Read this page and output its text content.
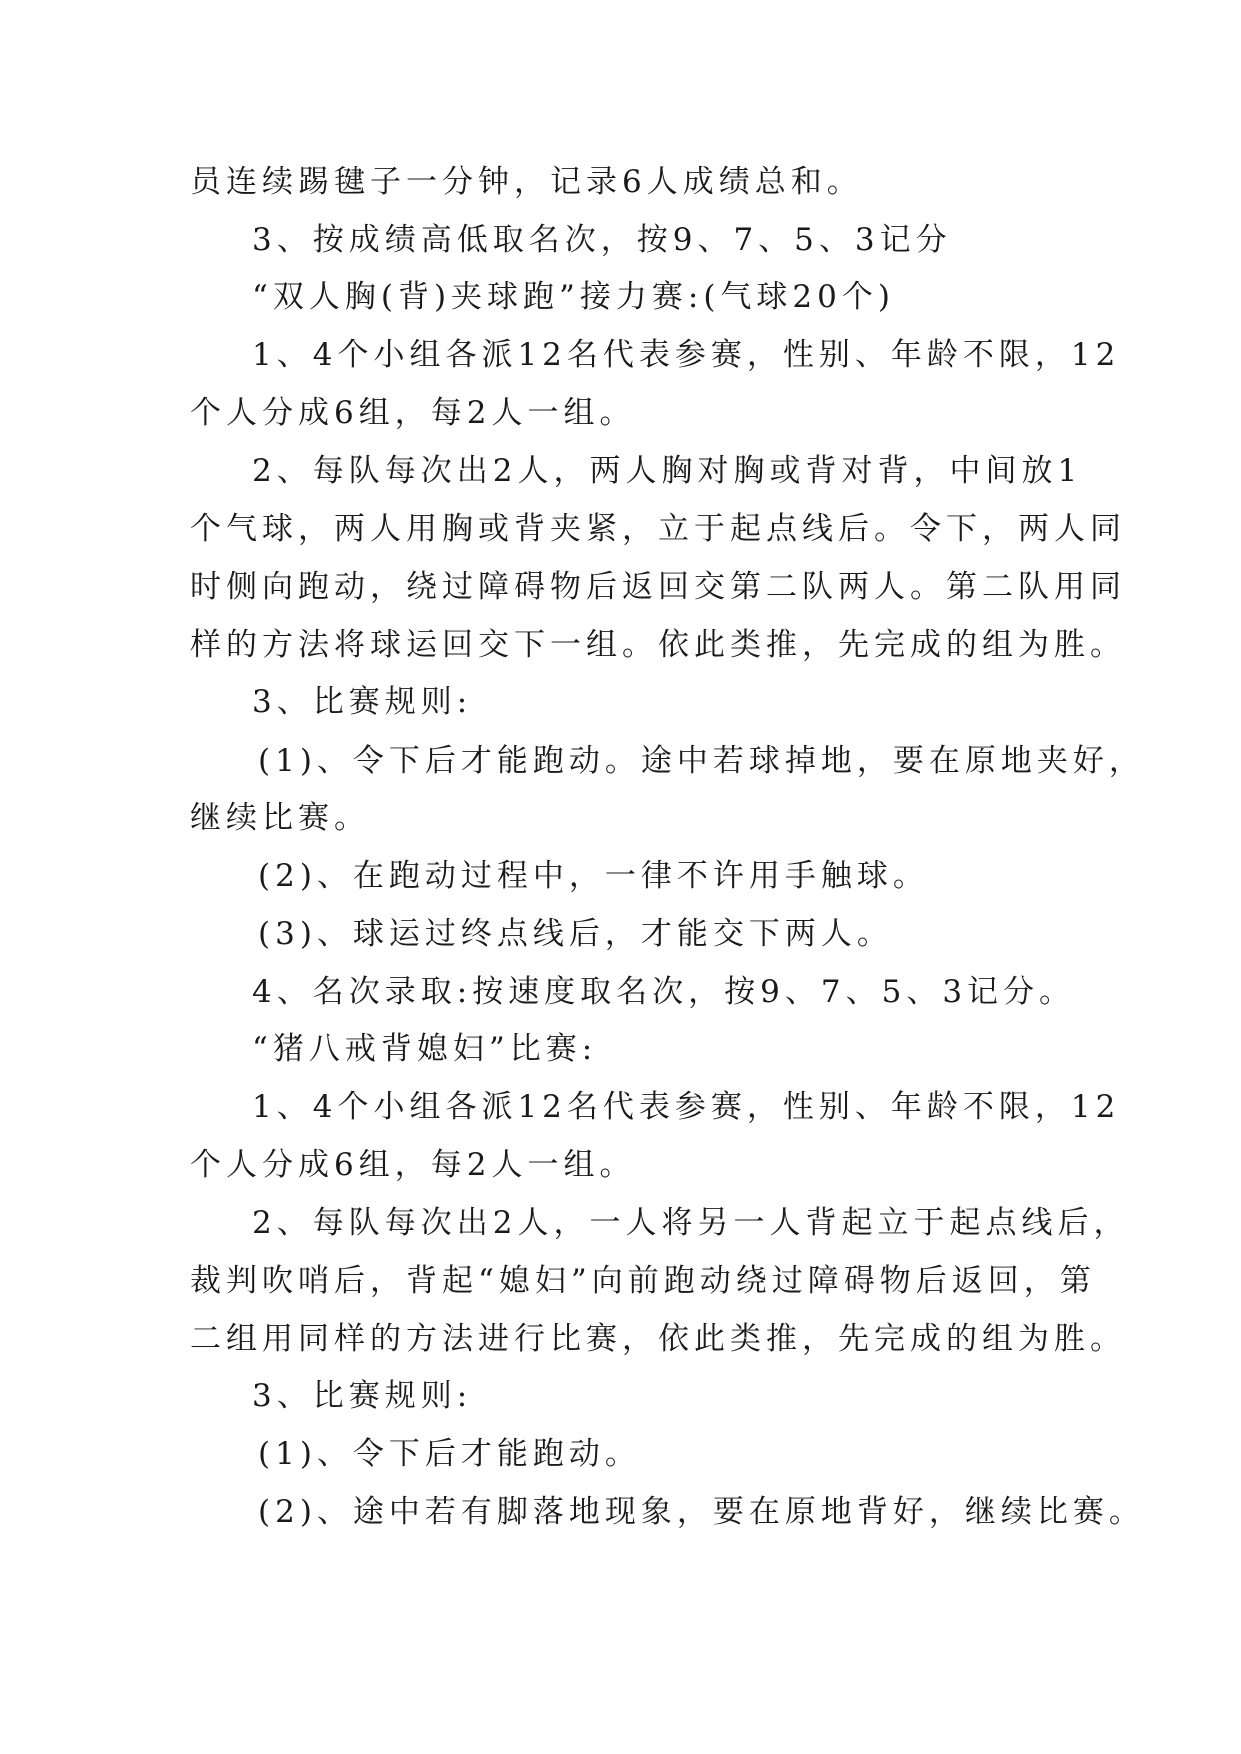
员连续踢毽子一分钟，记录6人成绩总和。
3、按成绩高低取名次，按9、7、5、3记分
“双人胸(背)夹球跑”接力赛:(气球20个)
1、4个小组各派12名代表参赛，性别、年龄不限，12
个人分成6组，每2人一组。
2、每队每次出2人，两人胸对胸或背对背，中间放1
个气球，两人用胸或背夹紧，立于起点线后。令下，两人同
时侧向跑动，绕过障碍物后返回交第二队两人。第二队用同
样的方法将球运回交下一组。依此类推，先完成的组为胜。
3、比赛规则:
(1)、令下后才能跑动。途中若球掉地，要在原地夹好，
继续比赛。
(2)、在跑动过程中，一律不许用手触球。
(3)、球运过终点线后，才能交下两人。
4、名次录取:按速度取名次，按9、7、5、3记分。
“猪八戒背媳妇”比赛:
1、4个小组各派12名代表参赛，性别、年龄不限，12
个人分成6组，每2人一组。
2、每队每次出2人，一人将另一人背起立于起点线后，
裁判吹哨后，背起“媳妇”向前跑动绕过障碍物后返回，第
二组用同样的方法进行比赛，依此类推，先完成的组为胜。
3、比赛规则:
(1)、令下后才能跑动。
(2)、途中若有脚落地现象，要在原地背好，继续比赛。
